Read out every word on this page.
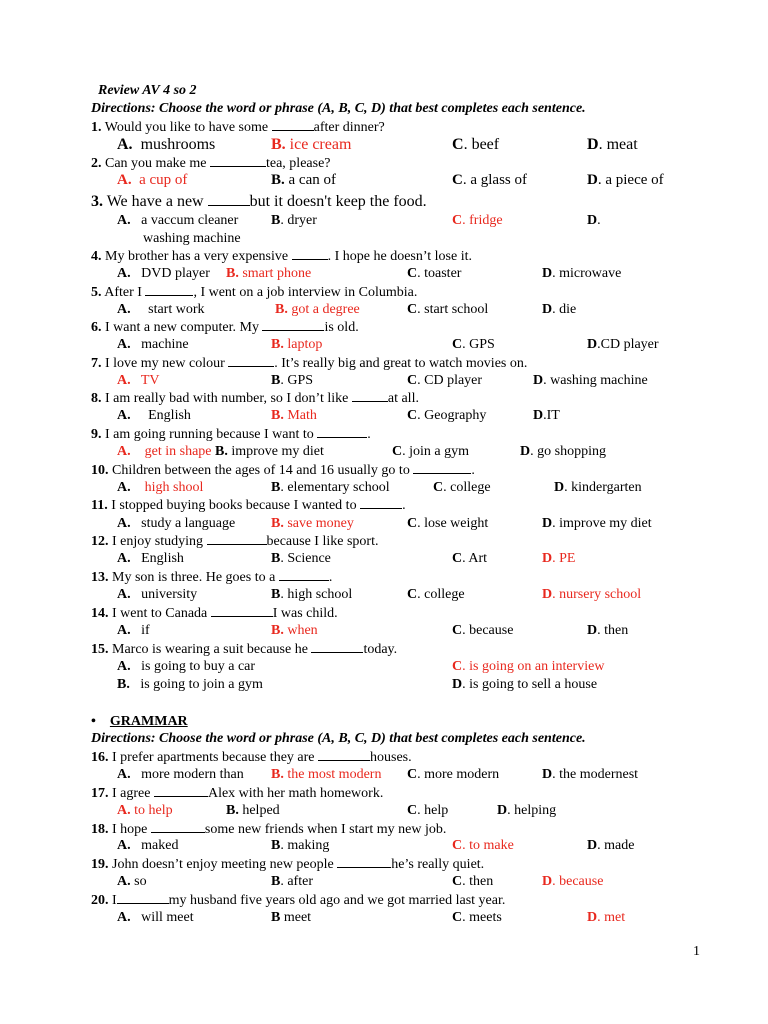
Review AV 4 so 2
Directions: Choose the word or phrase (A, B, C, D) that best completes each sentence.
1. Would you like to have some	after dinner?
A. mushrooms	B. ice cream	C. beef	D. meat
2. Can you make me	tea, please?
A. a cup of	B. a can of	C. a glass of	D. a piece of
3. We have a new	but it doesn't keep the food.
A. a vaccum cleaner B. dryer	C. fridge	D.
washing machine
4. My brother has a very expensive	. I hope he doesn’t lose it.
A. DVD player B. smart phone	C. toaster	D. microwave
5. After I	, I went on a job interview in Columbia.
A. start work	B. got a degree	C. start school	D. die
6. I want a new computer. My	is old.
A. machine	B. laptop	C. GPS	D.CD player
7. I love my new colour	. It’s really big and great to watch movies on.
A. TV	B. GPS	C. CD player	D. washing machine
8. I am really bad with number, so I don’t like	at all.
A. English	B. Math	C. Geography	D.IT
9. I am going running because I want to	.
A. get in shape B. improve my diet	C. join a gym	D. go shopping
10. Children between the ages of 14 and 16 usually go to	.
A. high shool	B. elementary school	C. college	D. kindergarten
11. I stopped buying books because I wanted to	.
A. study a language	B. save money	C. lose weight	D. improve my diet
12. I enjoy studying	because I like sport.
A. English	B. Science	C. Art	D. PE
13. My son is three. He goes to a	.
A. university	B. high school	C. college	D. nursery school
14. I went to Canada	I was child.
A. if	B. when	C. because	D. then
15. Marco is wearing a suit because he	today.
A. is going to buy a car	C. is going on an interview
B. is going to join a gym	D. is going to sell a house
• GRAMMAR
Directions: Choose the word or phrase (A, B, C, D) that best completes each sentence.
16. I prefer apartments because they are	houses.
A. more modern than B. the most modern C. more modern	D. the modernest
17. I agree	Alex with her math homework.
A. to help	B. helped	C. help	D. helping
18. I hope	some new friends when I start my new job.
A. maked	B. making	C. to make	D. made
19. John doesn’t enjoy meeting new people	he’s really quiet.
A. so	B. after	C. then	D. because
20. I	my husband five years old ago and we got married last year.
A. will meet	B meet	C. meets	D. met
1
